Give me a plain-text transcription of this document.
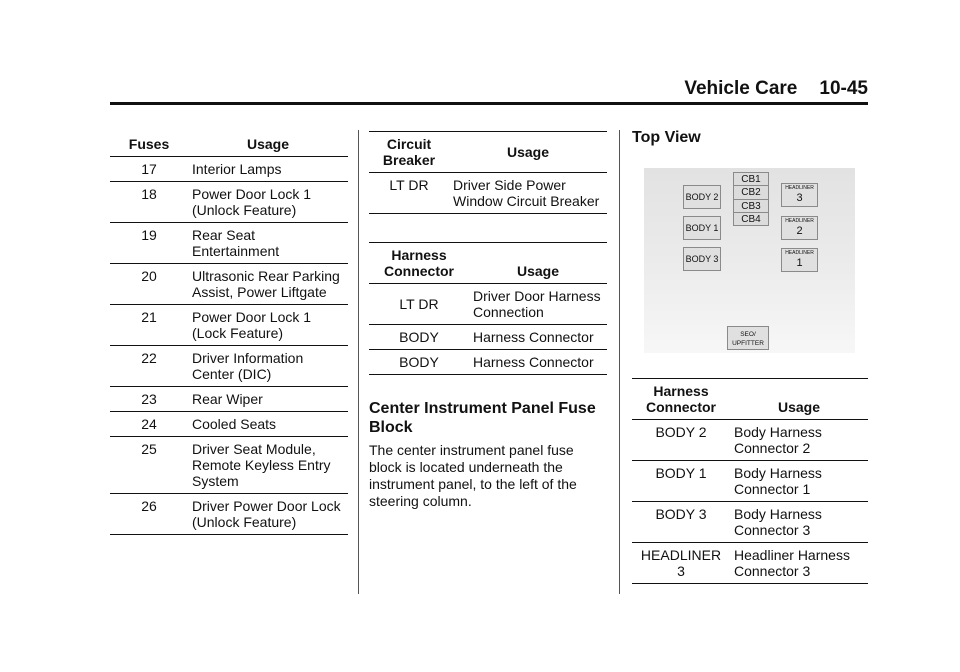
Vehicle Care 10-45
Fuses	Usage
17	Interior Lamps
18	Power Door Lock 1 (Unlock Feature)
19	Rear Seat Entertainment
20	Ultrasonic Rear Parking Assist, Power Liftgate
21	Power Door Lock 1 (Lock Feature)
22	Driver Information Center (DIC)
23	Rear Wiper
24	Cooled Seats
25	Driver Seat Module, Remote Keyless Entry System
26	Driver Power Door Lock (Unlock Feature)
Circuit Breaker	Usage
LT DR	Driver Side Power Window Circuit Breaker
Harness Connector	Usage
LT DR	Driver Door Harness Connection
BODY	Harness Connector
BODY	Harness Connector
Center Instrument Panel Fuse Block
The center instrument panel fuse block is located underneath the instrument panel, to the left of the steering column.
Top View
BODY 2
BODY 1
BODY 3
CB1
CB2
CB3
CB4
HEADLINER
3
HEADLINER
2
HEADLINER
1
SEO/ UPFITTER
Harness Connector	Usage
BODY 2	Body Harness Connector 2
BODY 1	Body Harness Connector 1
BODY 3	Body Harness Connector 3
HEADLINER 3	Headliner Harness Connector 3
